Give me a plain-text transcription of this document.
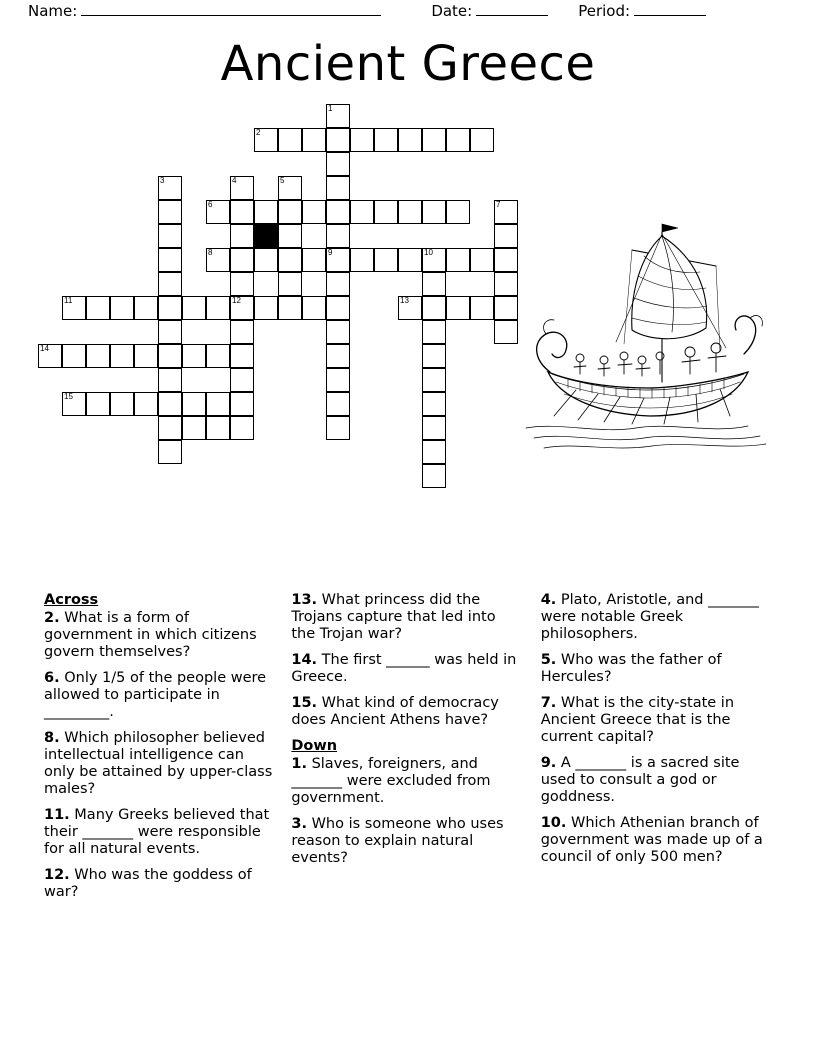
Name:	Date:	Period:
Ancient Greece
1
2
3	4	5
6	7
8	9	10
11	12	13
14
15
Across
2. What is a form of government in which citizens govern themselves?
6. Only 1/5 of the people were allowed to participate in _________.
8. Which philosopher believed intellectual intelligence can only be attained by upper-class males?
11. Many Greeks believed that their _______ were responsible for all natural events.
12. Who was the goddess of war?
13. What princess did the Trojans capture that led into the Trojan war?
14. The first ______ was held in Greece.
15. What kind of democracy does Ancient Athens have?
Down
1. Slaves, foreigners, and _______ were excluded from government.
3. Who is someone who uses reason to explain natural events?
4. Plato, Aristotle, and _______ were notable Greek philosophers.
5. Who was the father of Hercules?
7. What is the city-state in Ancient Greece that is the current capital?
9. A _______ is a sacred site used to consult a god or goddness.
10. Which Athenian branch of government was made up of a council of only 500 men?
